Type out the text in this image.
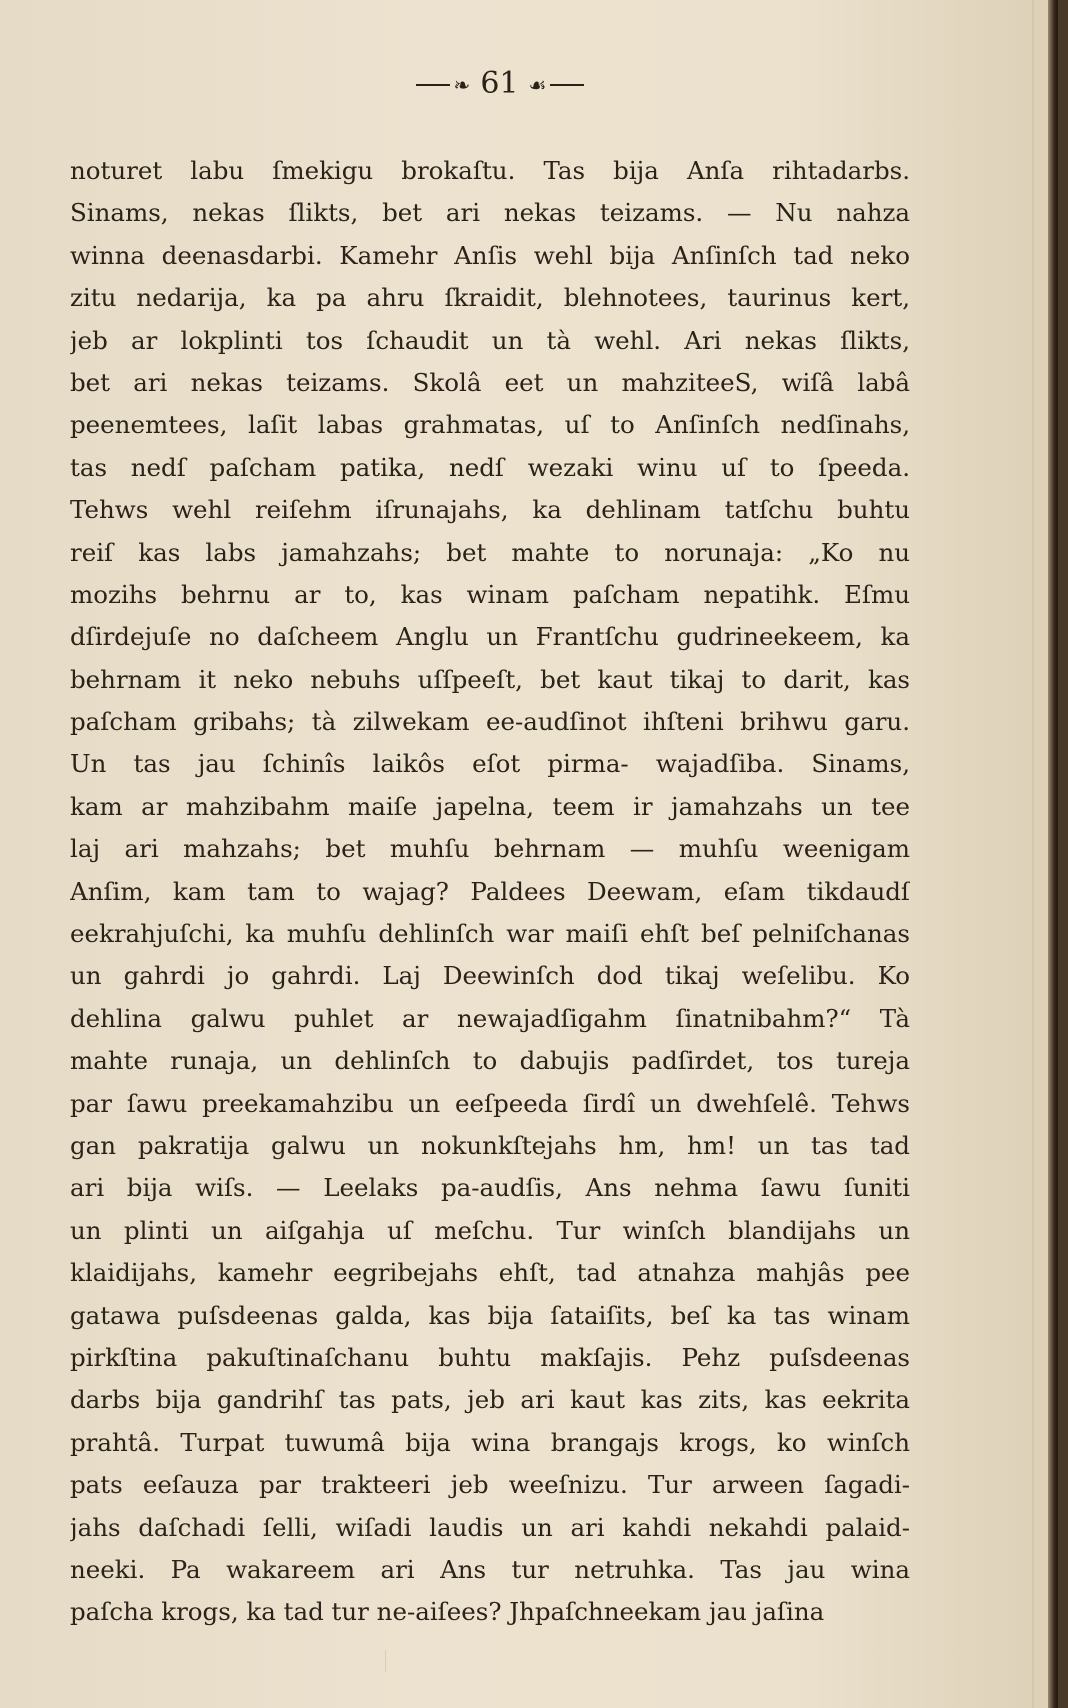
❧ 61 ☙
noturet labu ſmekigu brokaſtu. Tas bija Anſa rihtadarbs.
Sinams, nekas ſlikts, bet ari nekas teizams. — Nu nahza
winna deenasdarbi. Kamehr Anſis wehl bija Anſinſch tad neko
zitu nedarija, ka pa ahru ſkraidit, blehnotees, taurinus kert,
jeb ar lokplinti tos ſchaudit un tà wehl. Ari nekas ſlikts,
bet ari nekas teizams. Skolâ eet un mahziteeS, wiſâ labâ
peenemtees, laſit labas grahmatas, uſ to Anſinſch nedſinahs,
tas nedſ paſcham patika, nedſ wezaki winu uſ to ſpeeda.
Tehws wehl reiſehm iſrunajahs, ka dehlinam tatſchu buhtu
reiſ kas labs jamahzahs; bet mahte to norunaja: „Ko nu
mozihs behrnu ar to, kas winam paſcham nepatihk. Eſmu
dſirdejuſe no daſcheem Anglu un Frantſchu gudrineekeem, ka
behrnam it neko nebuhs uſſpeeſt, bet kaut tikaj to darit, kas
paſcham gribahs; tà zilwekam ee-audſinot ihſteni brihwu garu.
Un tas jau ſchinîs laikôs eſot pirma- wajadſiba. Sinams,
kam ar mahzibahm maiſe japelna, teem ir jamahzahs un tee
laj ari mahzahs; bet muhſu behrnam — muhſu weenigam
Anſim, kam tam to wajag? Paldees Deewam, eſam tikdaudſ
eekrahjuſchi, ka muhſu dehlinſch war maiſi ehſt beſ pelniſchanas
un gahrdi jo gahrdi. Laj Deewinſch dod tikaj weſelibu. Ko
dehlina galwu puhlet ar newajadſigahm ſinatnibahm?“ Tà
mahte runaja, un dehlinſch to dabujis padſirdet, tos tureja
par ſawu preekamahzibu un eeſpeeda ſirdî un dwehſelê. Tehws
gan pakratija galwu un nokunkſtejahs hm, hm! un tas tad
ari bija wiſs. — Leelaks pa-audſis, Ans nehma ſawu ſuniti
un plinti un aiſgahja uſ meſchu. Tur winſch blandijahs un
klaidijahs, kamehr eegribejahs ehſt, tad atnahza mahjâs pee
gatawa puſsdeenas galda, kas bija ſataiſits, beſ ka tas winam
pirkſtina pakuſtinaſchanu buhtu makſajis. Pehz puſsdeenas
darbs bija gandrihſ tas pats, jeb ari kaut kas zits, kas eekrita
prahtâ. Turpat tuwumâ bija wina brangajs krogs, ko winſch
pats eeſauza par trakteeri jeb weeſnizu. Tur arween ſagadi-
jahs daſchadi ſelli, wiſadi laudis un ari kahdi nekahdi palaid-
neeki. Pa wakareem ari Ans tur netruhka. Tas jau wina
paſcha krogs, ka tad tur ne-aiſees? Jhpaſchneekam jau jaſina
